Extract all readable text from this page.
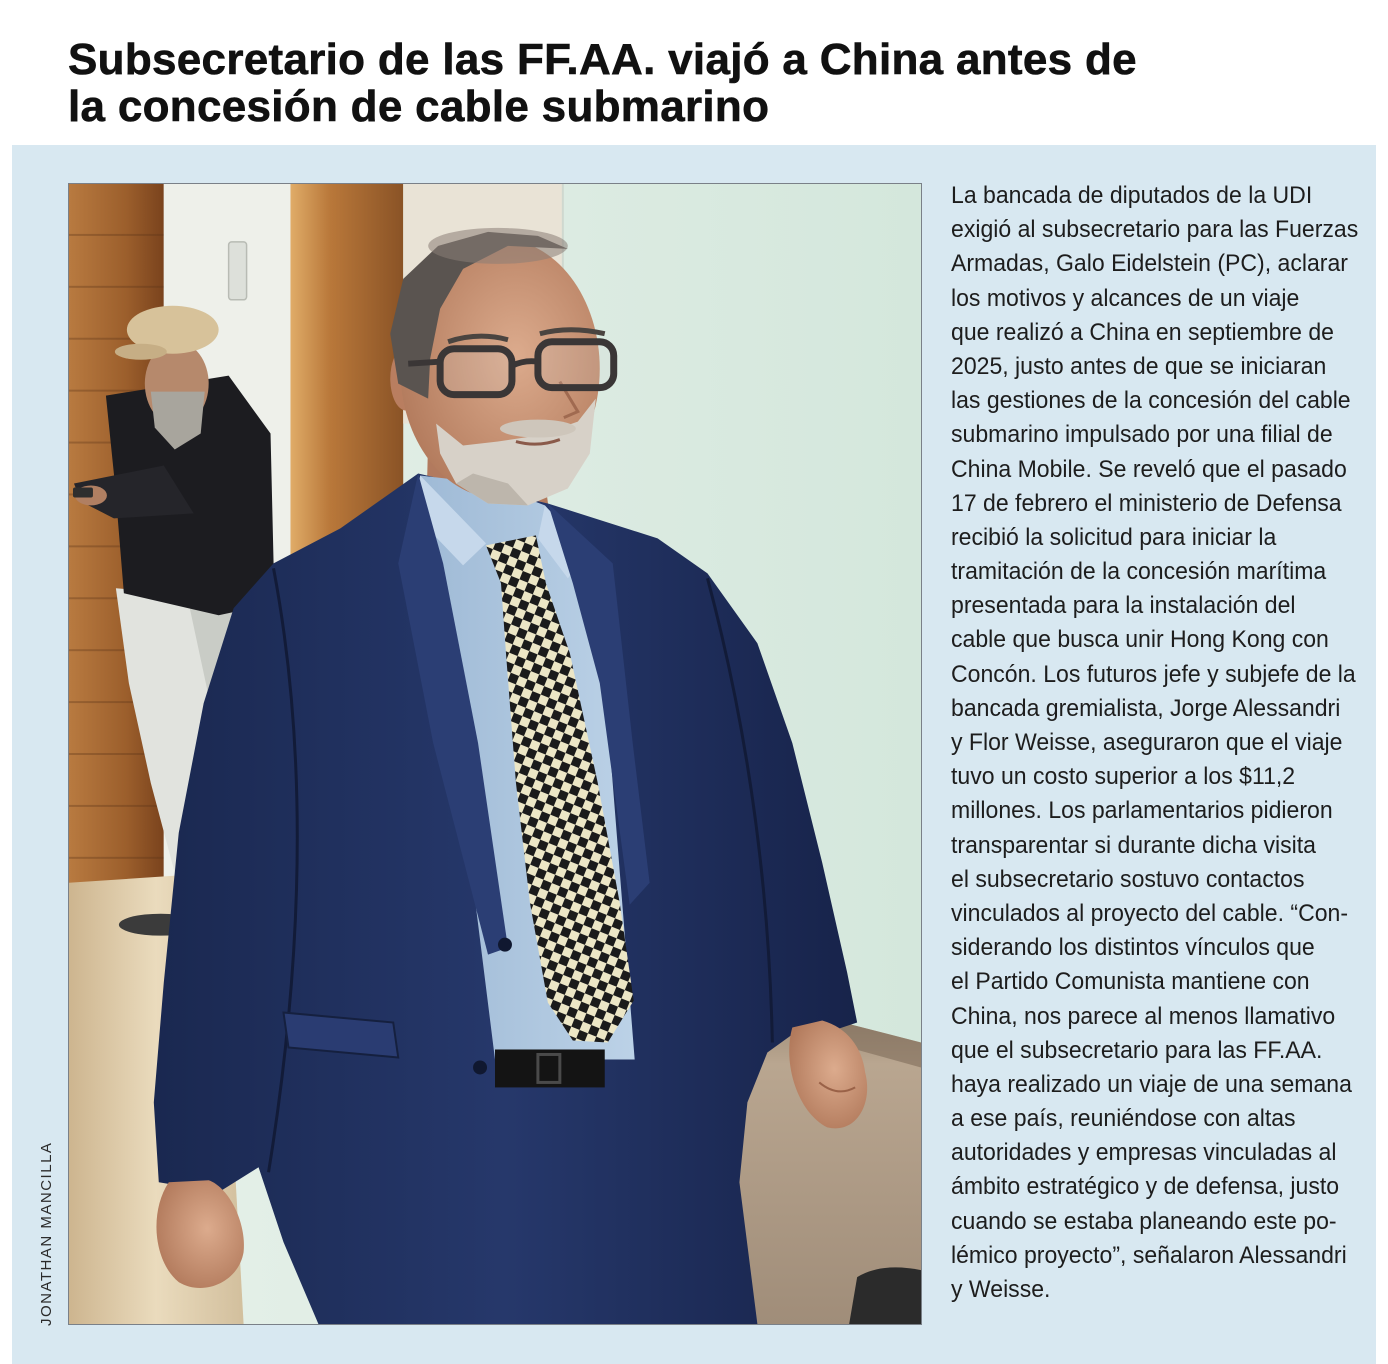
Subsecretario de las FF.AA. viajó a China antes de
la concesión de cable submarino
JONATHAN MANCILLA
La bancada de diputados de la UDI
exigió al subsecretario para las Fuerzas
Armadas, Galo Eidelstein (PC), aclarar
los motivos y alcances de un viaje
que realizó a China en septiembre de
2025, justo antes de que se iniciaran
las gestiones de la concesión del cable
submarino impulsado por una filial de
China Mobile. Se reveló que el pasado
17 de febrero el ministerio de Defensa
recibió la solicitud para iniciar la
tramitación de la concesión marítima
presentada para la instalación del
cable que busca unir Hong Kong con
Concón. Los futuros jefe y subjefe de la
bancada gremialista, Jorge Alessandri
y Flor Weisse, aseguraron que el viaje
tuvo un costo superior a los $11,2
millones. Los parlamentarios pidieron
transparentar si durante dicha visita
el subsecretario sostuvo contactos
vinculados al proyecto del cable. “Con-
siderando los distintos vínculos que
el Partido Comunista mantiene con
China, nos parece al menos llamativo
que el subsecretario para las FF.AA.
haya realizado un viaje de una semana
a ese país, reuniéndose con altas
autoridades y empresas vinculadas al
ámbito estratégico y de defensa, justo
cuando se estaba planeando este po-
lémico proyecto”, señalaron Alessandri
y Weisse.
